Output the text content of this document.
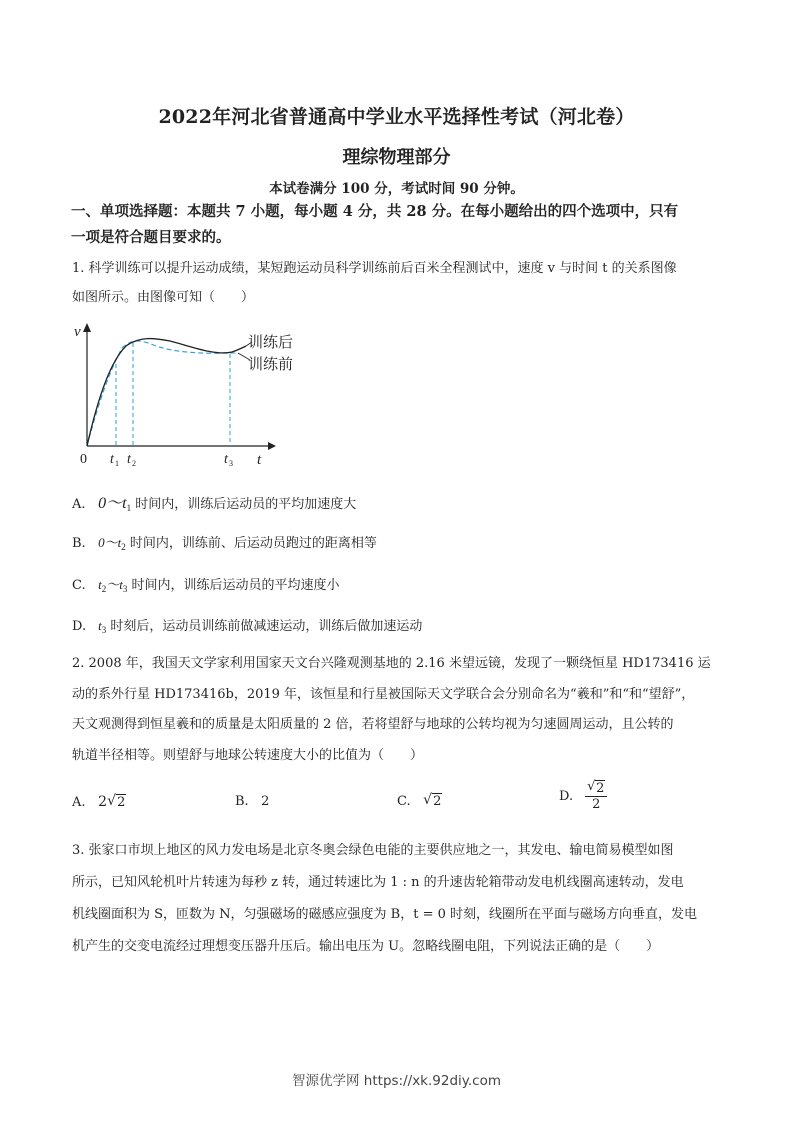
2022年河北省普通高中学业水平选择性考试（河北卷）
理综物理部分
本试卷满分 100 分，考试时间 90 分钟。
一、单项选择题：本题共 7 小题，每小题 4 分，共 28 分。在每小题给出的四个选项中，只有
一项是符合题目要求的。
1. 科学训练可以提升运动成绩，某短跑运动员科学训练前后百米全程测试中，速度 v 与时间 t 的关系图像
如图所示。由图像可知（　　）
v
t
0 t 1 t 2	t 3
训练后
训练前
A. $0\sim t_1$ 时间内，训练后运动员的平均加速度大
B. $0\sim t_2$ 时间内，训练前、后运动员跑过的距离相等
C. $t_2\sim t_3$ 时间内，训练后运动员的平均速度小
D. $t_3$ 时刻后，运动员训练前做减速运动，训练后做加速运动
2. 2008 年，我国天文学家利用国家天文台兴隆观测基地的 2.16 米望远镜，发现了一颗绕恒星 HD173416 运
动的系外行星 HD173416b，2019 年，该恒星和行星被国际天文学联合会分别命名为“羲和”和“和“望舒”，
天文观测得到恒星羲和的质量是太阳质量的 2 倍，若将望舒与地球的公转均视为匀速圆周运动，且公转的
轨道半径相等。则望舒与地球公转速度大小的比值为（　　）
A. 2 √ 2	B. 2	C. √ 2	D. $\frac{√ 2}{2}$
3. 张家口市坝上地区的风力发电场是北京冬奥会绿色电能的主要供应地之一，其发电、输电简易模型如图
所示，已知风轮机叶片转速为每秒 z 转，通过转速比为 1 : n 的升速齿轮箱带动发电机线圈高速转动，发电
机线圈面积为 S，匝数为 N，匀强磁场的磁感应强度为 B，t = 0 时刻，线圈所在平面与磁场方向垂直，发电
机产生的交变电流经过理想变压器升压后。输出电压为 U。忽略线圈电阻，下列说法正确的是（　　）
智源优学网 https://xk.92diy.com
